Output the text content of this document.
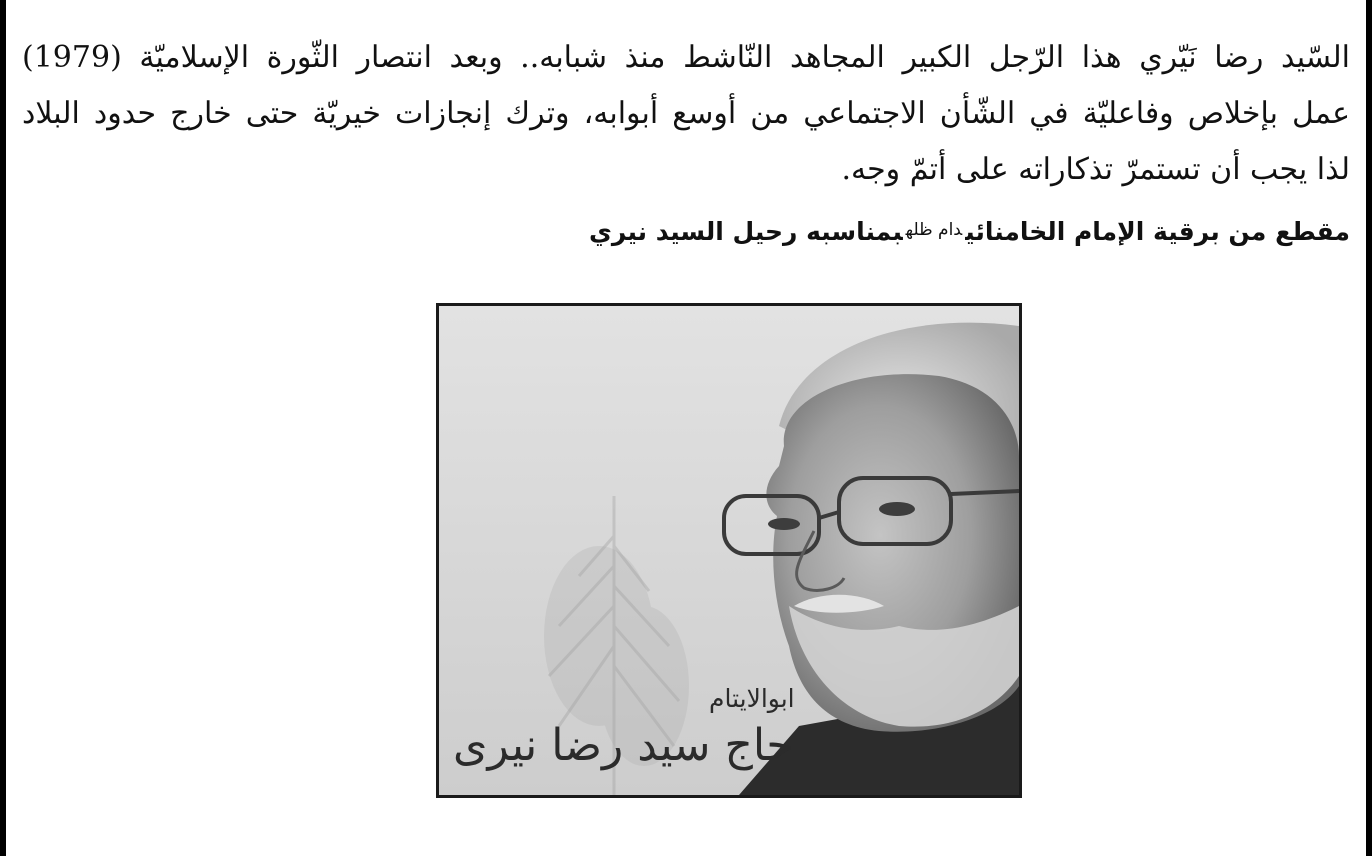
السّيد رضا نَيّري هذا الرّجل الكبير المجاهد النّاشط منذ شبابه.. وبعد انتصار الثّورة الإسلاميّة (1979)
عمل بإخلاص وفاعليّة في الشّأن الاجتماعي من أوسع أبوابه، وترك إنجازات خيريّة حتى خارج حدود البلاد
لذا يجب أن تستمرّ تذكاراته على أتمّ وجه.
مقطع من برقية الإمام الخامنائي$^{دام ظله}$بمناسبه رحيل السيد نيري
ابوالایتام
حاج سید رضا نیری
